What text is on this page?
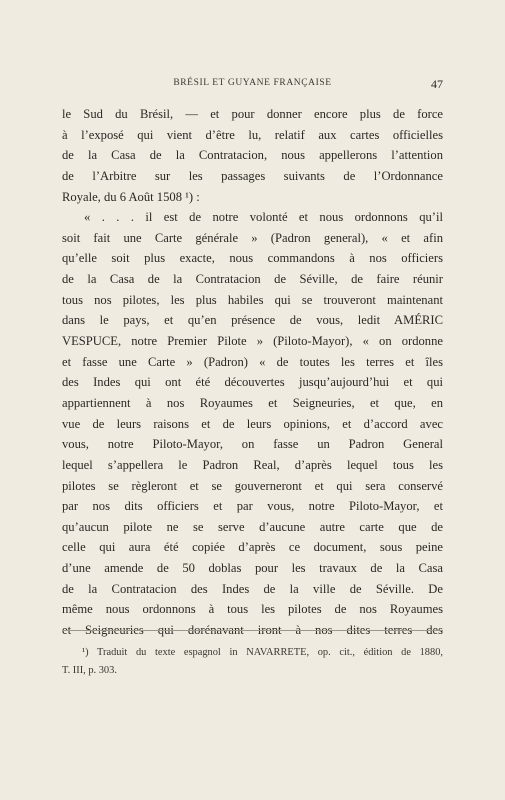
BRÉSIL ET GUYANE FRANÇAISE	47
le Sud du Brésil, — et pour donner encore plus de force
à l’exposé qui vient d’être lu, relatif aux cartes officielles
de la Casa de la Contratacion, nous appellerons l’attention
de l’Arbitre sur les passages suivants de l’Ordonnance
Royale, du 6 Août 1508 ¹) :
« . . . il est de notre volonté et nous ordonnons qu’il
soit fait une Carte générale » (Padron general), « et afin
qu’elle soit plus exacte, nous commandons à nos officiers
de la Casa de la Contratacion de Séville, de faire réunir
tous nos pilotes, les plus habiles qui se trouveront maintenant
dans le pays, et qu’en présence de vous, ledit AMÉRIC
VESPUCE, notre Premier Pilote » (Piloto-Mayor), « on ordonne
et fasse une Carte » (Padron) « de toutes les terres et îles
des Indes qui ont été découvertes jusqu’aujourd’hui et qui
appartiennent à nos Royaumes et Seigneuries, et que, en
vue de leurs raisons et de leurs opinions, et d’accord avec
vous, notre Piloto-Mayor, on fasse un Padron General
lequel s’appellera le Padron Real, d’après lequel tous les
pilotes se règleront et se gouverneront et qui sera conservé
par nos dits officiers et par vous, notre Piloto-Mayor, et
qu’aucun pilote ne se serve d’aucune autre carte que de
celle qui aura été copiée d’après ce document, sous peine
d’une amende de 50 doblas pour les travaux de la Casa
de la Contratacion des Indes de la ville de Séville. De
même nous ordonnons à tous les pilotes de nos Royaumes
et Seigneuries qui dorénavant iront à nos dites terres des
¹) Traduit du texte espagnol in NAVARRETE, op. cit., édition de 1880,
T. III, p. 303.
